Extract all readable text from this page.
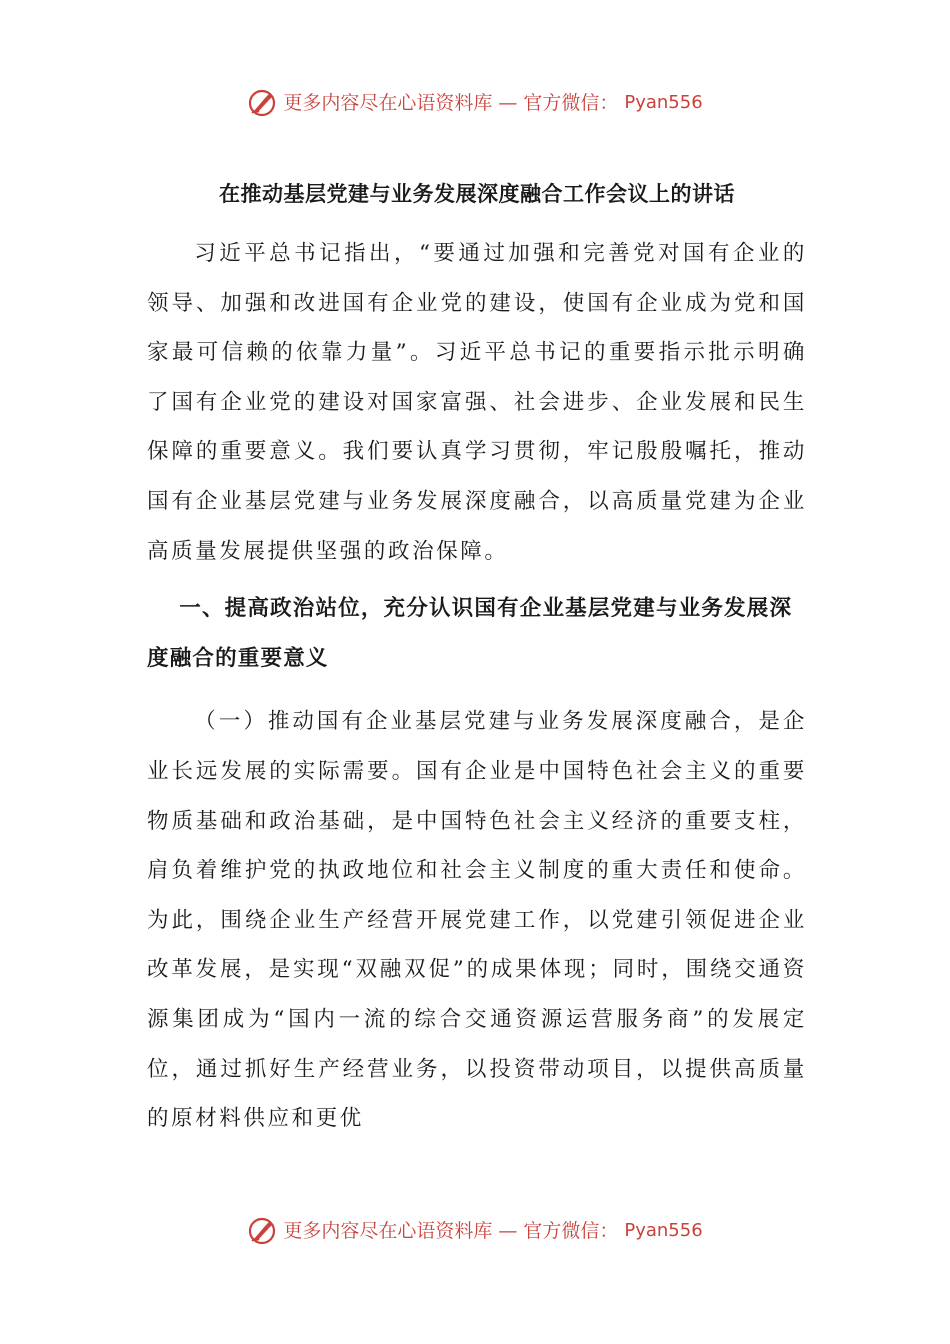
更多内容尽在心语资料库 — 官方微信： Pyan556
在推动基层党建与业务发展深度融合工作会议上的讲话

习近平总书记指出，“要通过加强和完善党对国有企业的领导、加强和改进国有企业党的建设，使国有企业成为党和国家最可信赖的依靠力量”。习近平总书记的重要指示批示明确了国有企业党的建设对国家富强、社会进步、企业发展和民生保障的重要意义。我们要认真学习贯彻，牢记殷殷嘱托，推动国有企业基层党建与业务发展深度融合，以高质量党建为企业高质量发展提供坚强的政治保障。

一、提高政治站位，充分认识国有企业基层党建与业务发展深度融合的重要意义

（一）推动国有企业基层党建与业务发展深度融合，是企业长远发展的实际需要。国有企业是中国特色社会主义的重要物质基础和政治基础，是中国特色社会主义经济的重要支柱，肩负着维护党的执政地位和社会主义制度的重大责任和使命。为此，围绕企业生产经营开展党建工作，以党建引领促进企业改革发展，是实现“双融双促”的成果体现；同时，围绕交通资源集团成为“国内一流的综合交通资源运营服务商”的发展定位，通过抓好生产经营业务，以投资带动项目，以提供高质量的原材料供应和更优

更多内容尽在心语资料库 — 官方微信： Pyan556
